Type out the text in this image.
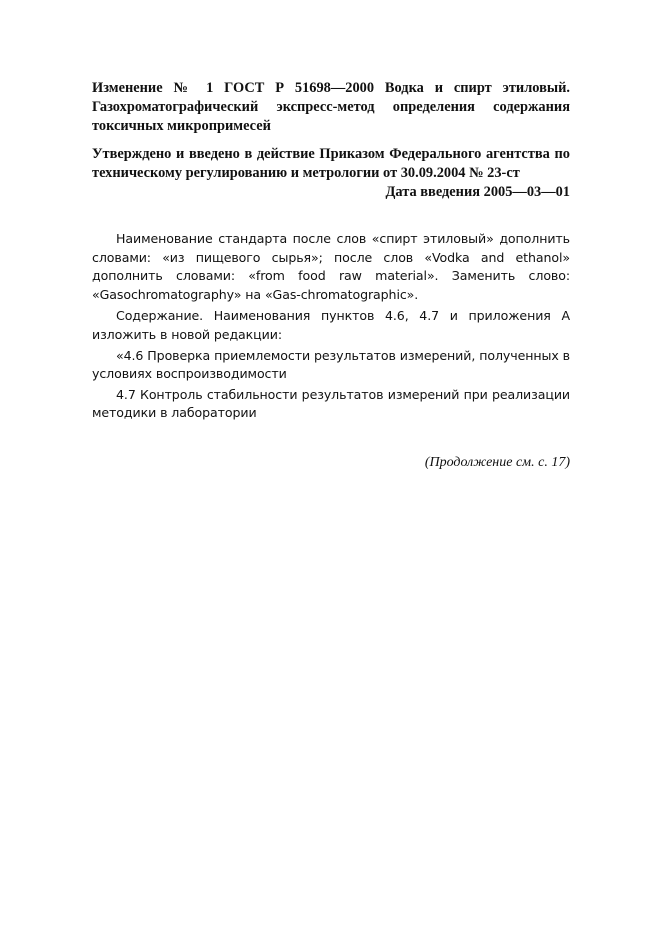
Изменение № 1 ГОСТ Р 51698—2000 Водка и спирт этиловый. Газохроматографический экспресс-метод определения содержания токсичных микропримесей

Утверждено и введено в действие Приказом Федерального агентства по техническому регулированию и метрологии от 30.09.2004 № 23-ст

Дата введения 2005—03—01

Наименование стандарта после слов «спирт этиловый» дополнить словами: «из пищевого сырья»; после слов «Vodka and ethanol» дополнить словами: «from food raw material». Заменить слово: «Gasochromatography» на «Gas-chromatographic».

Содержание. Наименования пунктов 4.6, 4.7 и приложения А изложить в новой редакции:

«4.6 Проверка приемлемости результатов измерений, полученных в условиях воспроизводимости

4.7 Контроль стабильности результатов измерений при реализации методики в лаборатории

(Продолжение см. с. 17)
